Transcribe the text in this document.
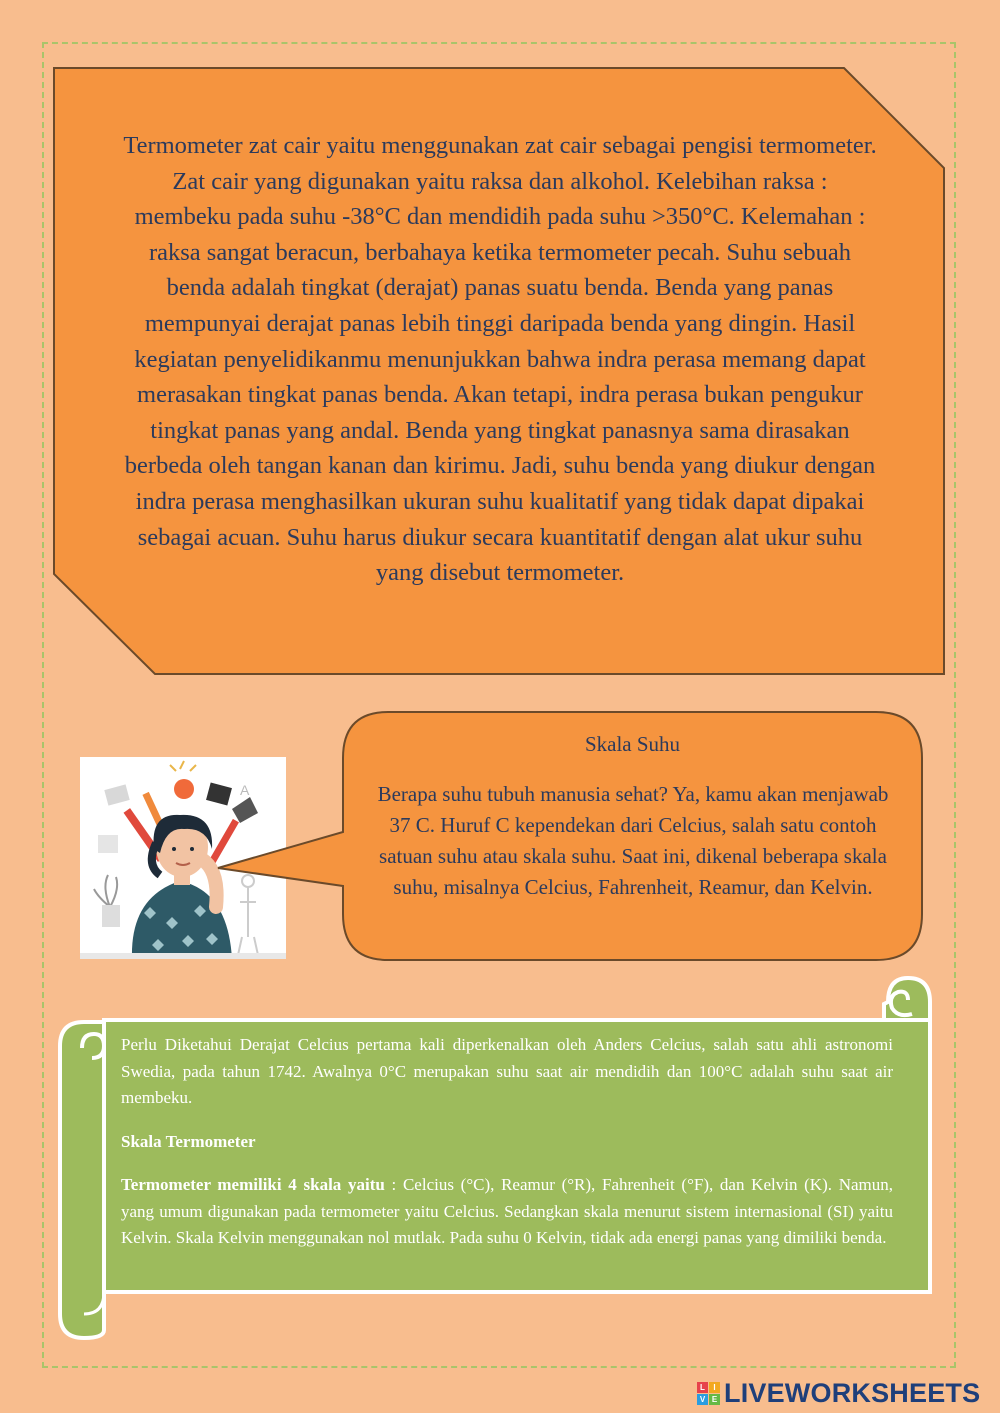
Termometer zat cair yaitu menggunakan zat cair sebagai pengisi termometer. Zat cair yang digunakan yaitu raksa dan alkohol. Kelebihan raksa : membeku pada suhu -38°C dan mendidih pada suhu >350°C. Kelemahan : raksa sangat beracun, berbahaya ketika termometer pecah. Suhu sebuah benda adalah tingkat (derajat) panas suatu benda. Benda yang panas mempunyai derajat panas lebih tinggi daripada benda yang dingin. Hasil kegiatan penyelidikanmu menunjukkan bahwa indra perasa memang dapat merasakan tingkat panas benda. Akan tetapi, indra perasa bukan pengukur tingkat panas yang andal. Benda yang tingkat panasnya sama dirasakan berbeda oleh tangan kanan dan kirimu. Jadi, suhu benda yang diukur dengan indra perasa menghasilkan ukuran suhu kualitatif yang tidak dapat dipakai sebagai acuan. Suhu harus diukur secara kuantitatif dengan alat ukur suhu yang disebut termometer.
A
Skala Suhu
Berapa suhu tubuh manusia sehat? Ya, kamu akan menjawab 37 C. Huruf C kependekan dari Celcius, salah satu contoh satuan suhu atau skala suhu. Saat ini, dikenal beberapa skala suhu, misalnya Celcius, Fahrenheit, Reamur, dan Kelvin.

Perlu Diketahui Derajat Celcius pertama kali diperkenalkan oleh Anders Celcius, salah satu ahli astronomi Swedia, pada tahun 1742. Awalnya 0°C merupakan suhu saat air mendidih dan 100°C adalah suhu saat air membeku.

Skala Termometer

Termometer memiliki 4 skala yaitu : Celcius (°C), Reamur (°R), Fahrenheit (°F), dan Kelvin (K). Namun, yang umum digunakan pada termometer yaitu Celcius. Sedangkan skala menurut sistem internasional (SI) yaitu Kelvin. Skala Kelvin menggunakan nol mutlak. Pada suhu 0 Kelvin, tidak ada energi panas yang dimiliki benda.

L	I
V E LIVEWORKSHEETS
